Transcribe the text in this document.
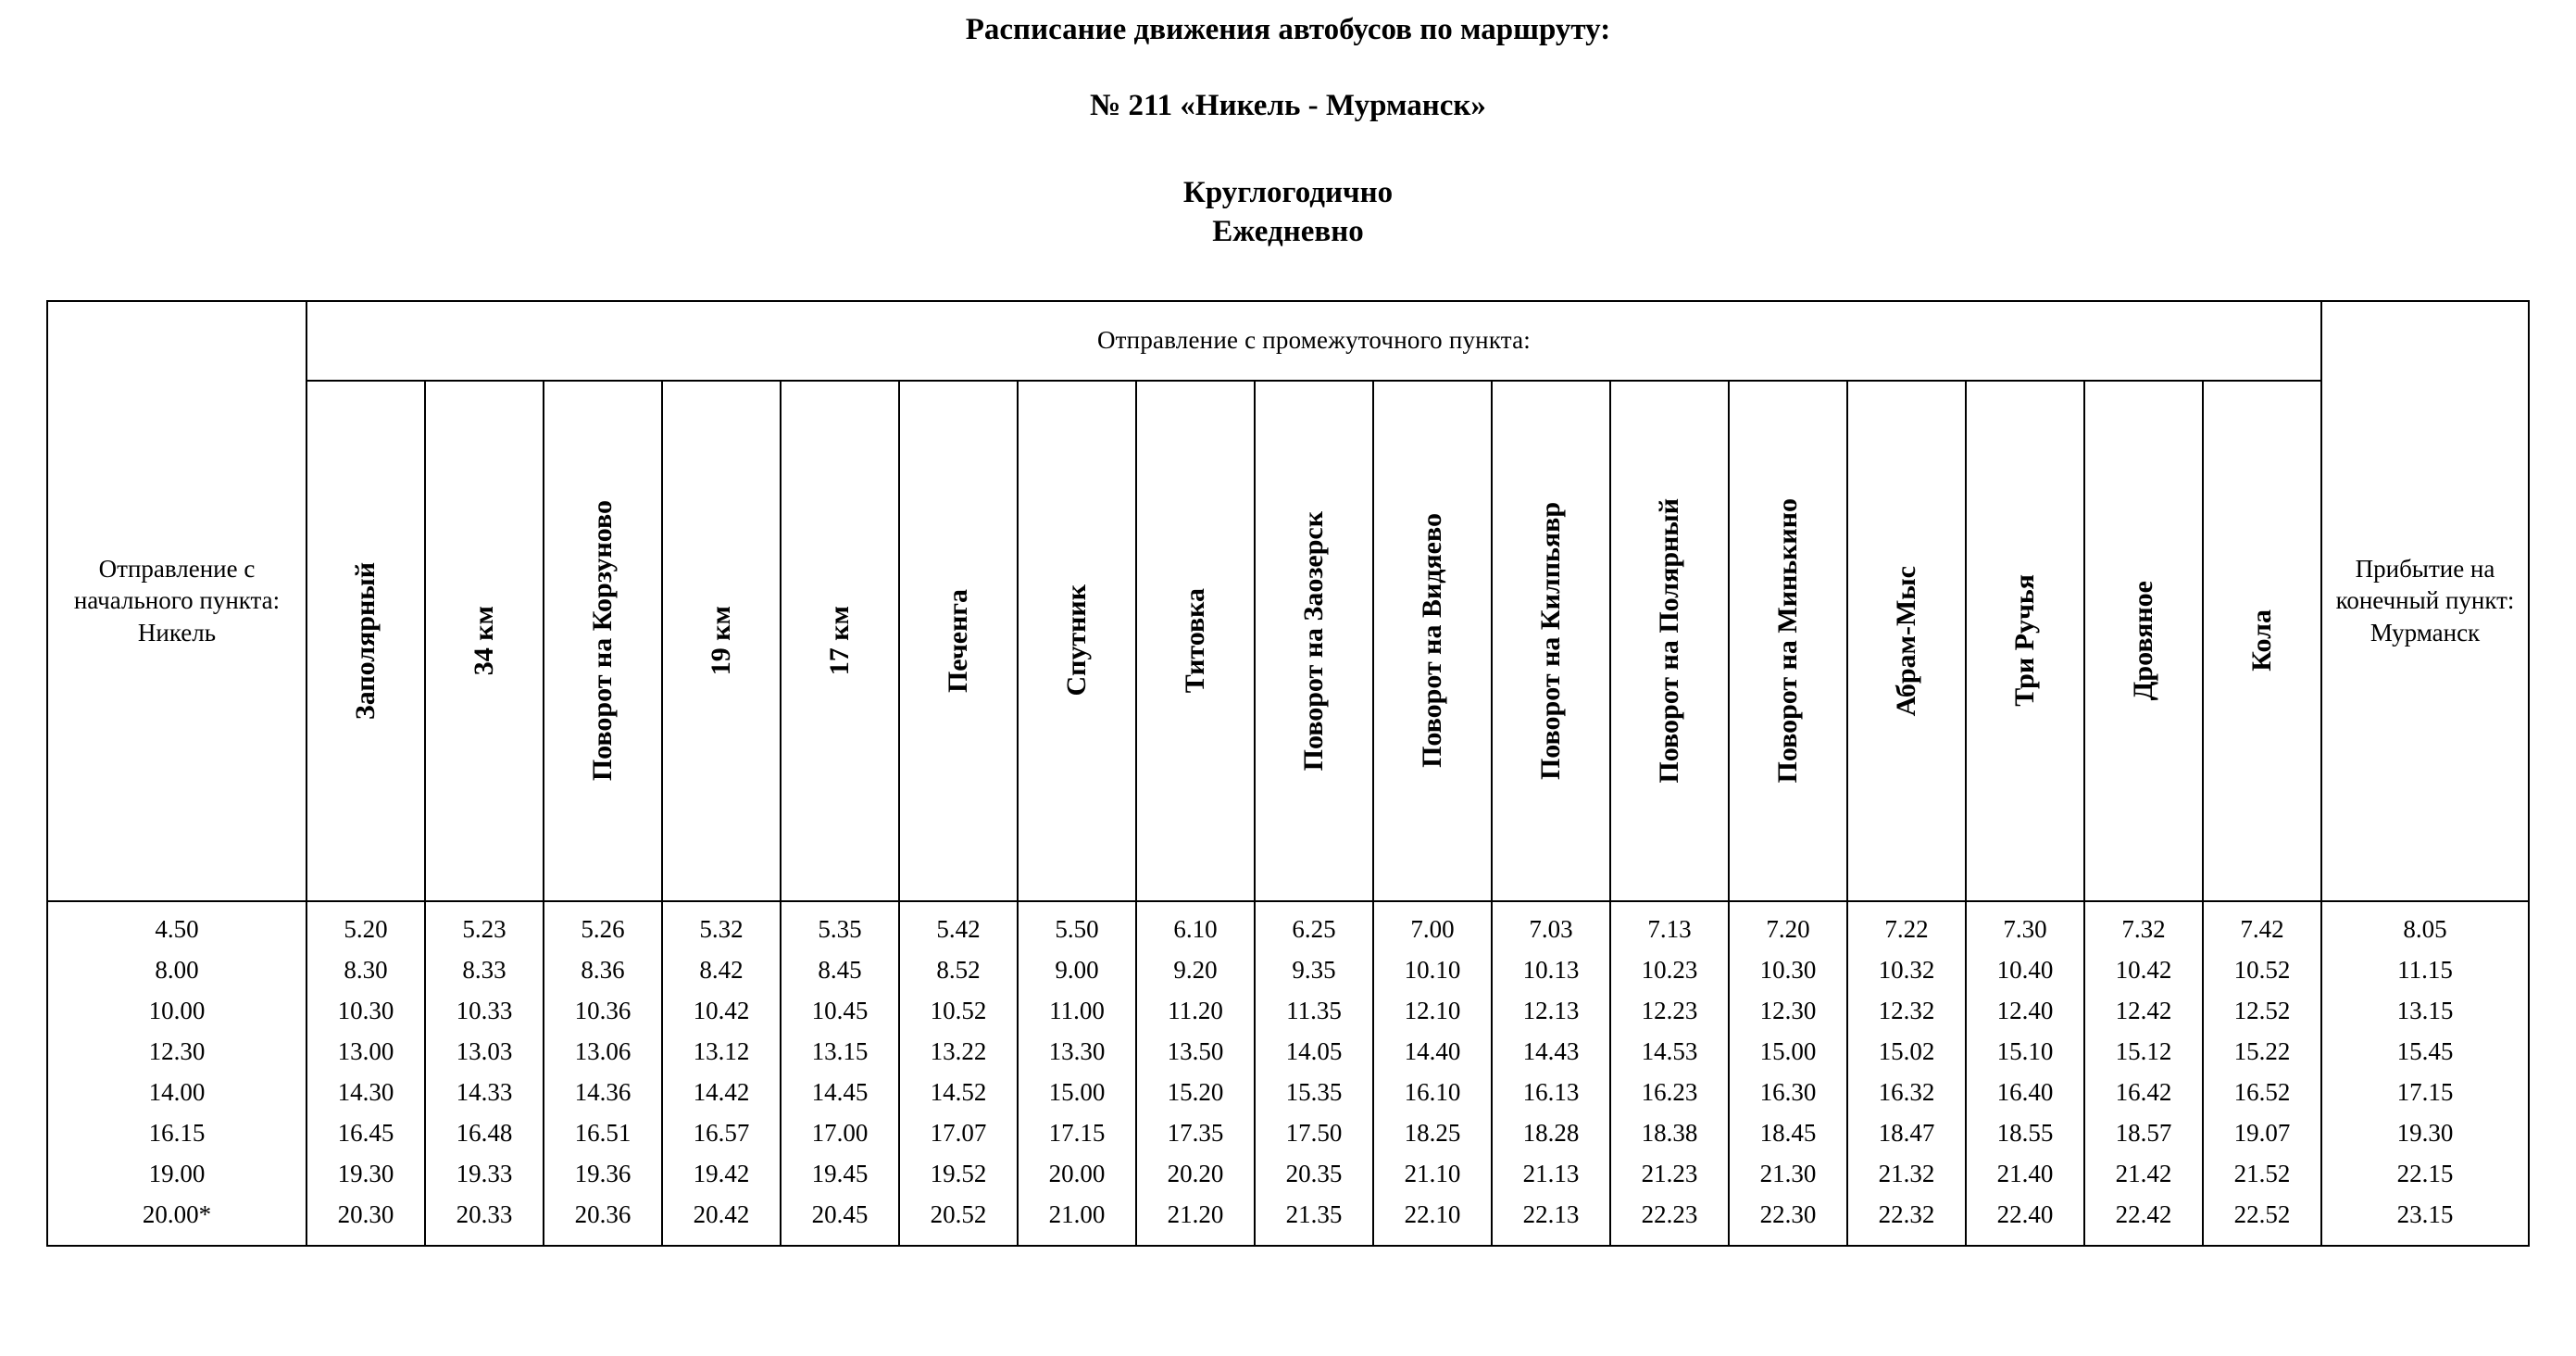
Расписание движения автобусов по маршруту:

№ 211 «Никель - Мурманск»

Круглогодично

Ежедневно

Отправление с начального пункта: Никель	Отправление с промежуточного пункта:																	Прибытие на конечный пункт: Мурманск

	Заполярный	34 км	Поворот на Корзуново	19 км	17 км	Печенга	Спутник	Титовка	Поворот на Заозерск	Поворот на Видяево	Поворот на Килпьявр	Поворот на Полярный	Поворот на Минькино	Абрам-Мыс	Три Ручья	Дровяное	Кола	

4.50	5.20	5.23	5.26	5.32	5.35	5.42	5.50	6.10	6.25	7.00	7.03	7.13	7.20	7.22	7.30	7.32	7.42	8.05
8.00	8.30	8.33	8.36	8.42	8.45	8.52	9.00	9.20	9.35	10.10	10.13	10.23	10.30	10.32	10.40	10.42	10.52	11.15
10.00	10.30	10.33	10.36	10.42	10.45	10.52	11.00	11.20	11.35	12.10	12.13	12.23	12.30	12.32	12.40	12.42	12.52	13.15
12.30	13.00	13.03	13.06	13.12	13.15	13.22	13.30	13.50	14.05	14.40	14.43	14.53	15.00	15.02	15.10	15.12	15.22	15.45
14.00	14.30	14.33	14.36	14.42	14.45	14.52	15.00	15.20	15.35	16.10	16.13	16.23	16.30	16.32	16.40	16.42	16.52	17.15
16.15	16.45	16.48	16.51	16.57	17.00	17.07	17.15	17.35	17.50	18.25	18.28	18.38	18.45	18.47	18.55	18.57	19.07	19.30
19.00	19.30	19.33	19.36	19.42	19.45	19.52	20.00	20.20	20.35	21.10	21.13	21.23	21.30	21.32	21.40	21.42	21.52	22.15
20.00*	20.30	20.33	20.36	20.42	20.45	20.52	21.00	21.20	21.35	22.10	22.13	22.23	22.30	22.32	22.40	22.42	22.52	23.15
